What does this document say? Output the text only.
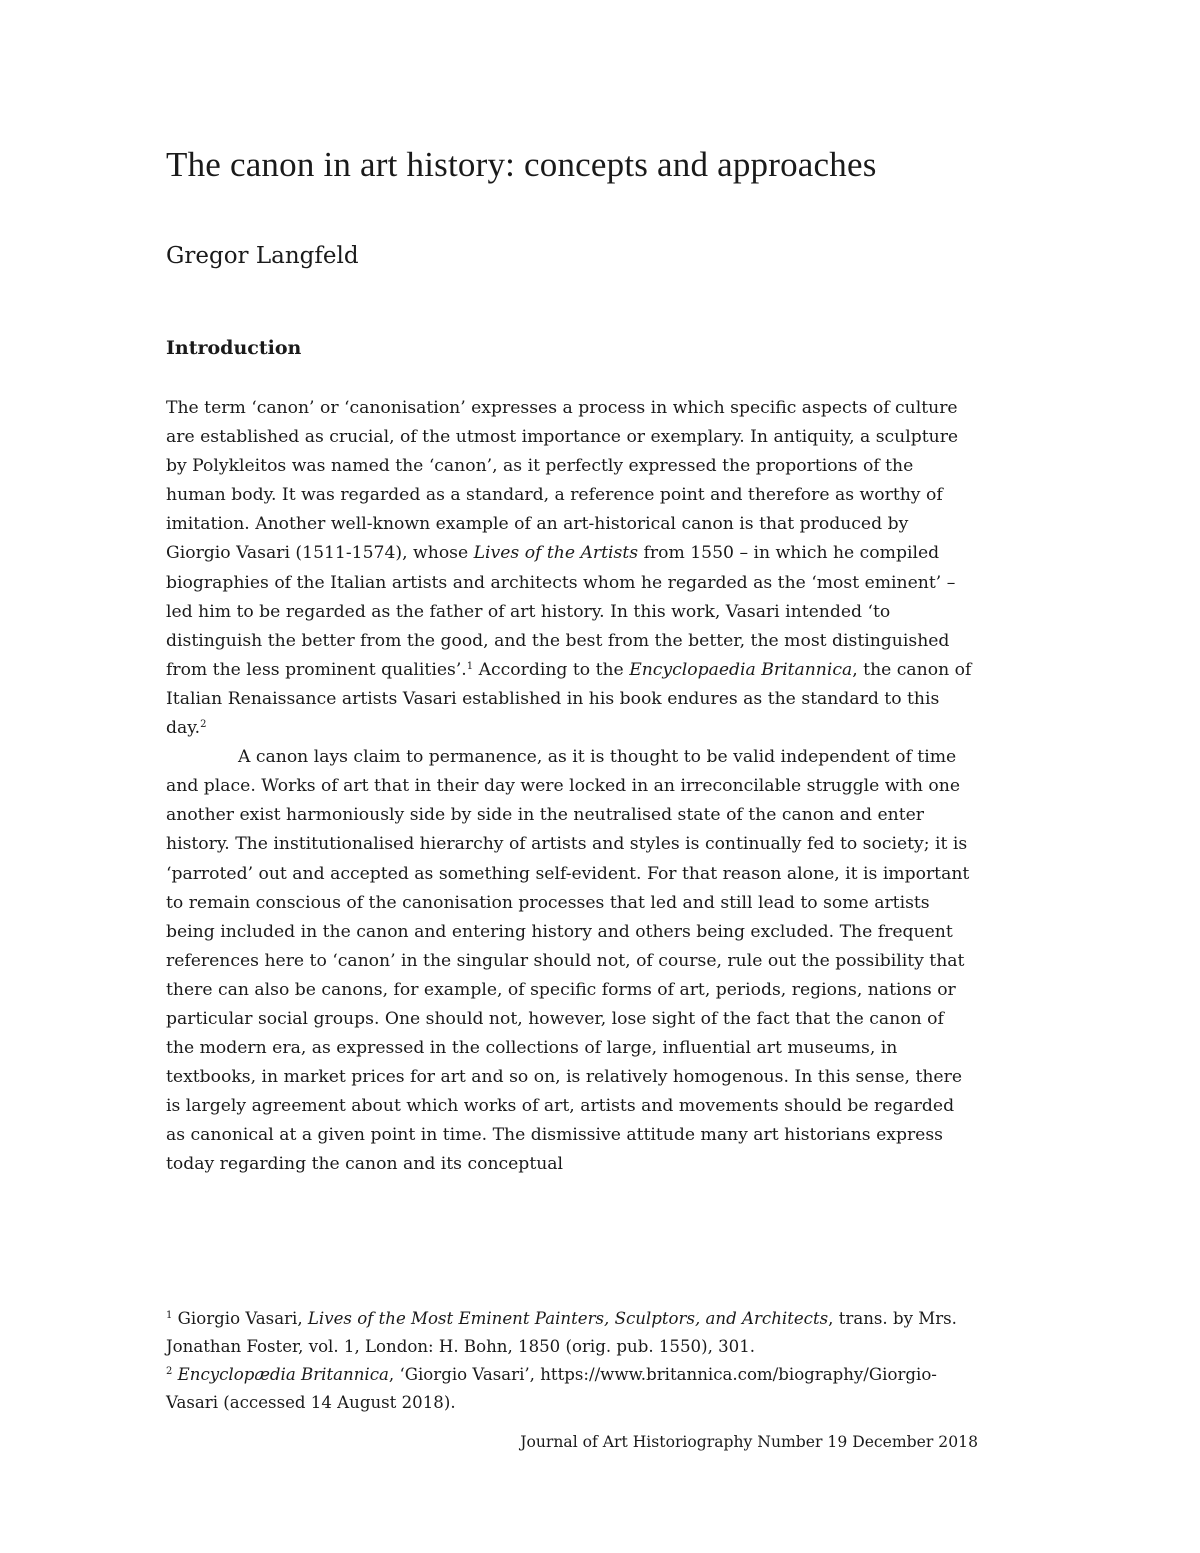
The canon in art history: concepts and approaches
Gregor Langfeld
Introduction

The term ‘canon’ or ‘canonisation’ expresses a process in which specific aspects of culture are established as crucial, of the utmost importance or exemplary. In antiquity, a sculpture by Polykleitos was named the ‘canon’, as it perfectly expressed the proportions of the human body. It was regarded as a standard, a reference point and therefore as worthy of imitation. Another well-known example of an art-historical canon is that produced by Giorgio Vasari (1511-1574), whose Lives of the Artists from 1550 – in which he compiled biographies of the Italian artists and architects whom he regarded as the ‘most eminent’ – led him to be regarded as the father of art history. In this work, Vasari intended ‘to distinguish the better from the good, and the best from the better, the most distinguished from the less prominent qualities’.$^1$ According to the Encyclopaedia Britannica, the canon of Italian Renaissance artists Vasari established in his book endures as the standard to this day.$^2$

A canon lays claim to permanence, as it is thought to be valid independent of time and place. Works of art that in their day were locked in an irreconcilable struggle with one another exist harmoniously side by side in the neutralised state of the canon and enter history. The institutionalised hierarchy of artists and styles is continually fed to society; it is ‘parroted’ out and accepted as something self-evident. For that reason alone, it is important to remain conscious of the canonisation processes that led and still lead to some artists being included in the canon and entering history and others being excluded. The frequent references here to ‘canon’ in the singular should not, of course, rule out the possibility that there can also be canons, for example, of specific forms of art, periods, regions, nations or particular social groups. One should not, however, lose sight of the fact that the canon of the modern era, as expressed in the collections of large, influential art museums, in textbooks, in market prices for art and so on, is relatively homogenous. In this sense, there is largely agreement about which works of art, artists and movements should be regarded as canonical at a given point in time. The dismissive attitude many art historians express today regarding the canon and its conceptual

$^1$ Giorgio Vasari, Lives of the Most Eminent Painters, Sculptors, and Architects, trans. by Mrs. Jonathan Foster, vol. 1, London: H. Bohn, 1850 (orig. pub. 1550), 301.

$^2$ Encyclopædia Britannica, ‘Giorgio Vasari’, https://www.britannica.com/biography/Giorgio-Vasari (accessed 14 August 2018).

Journal of Art Historiography Number 19 December 2018
